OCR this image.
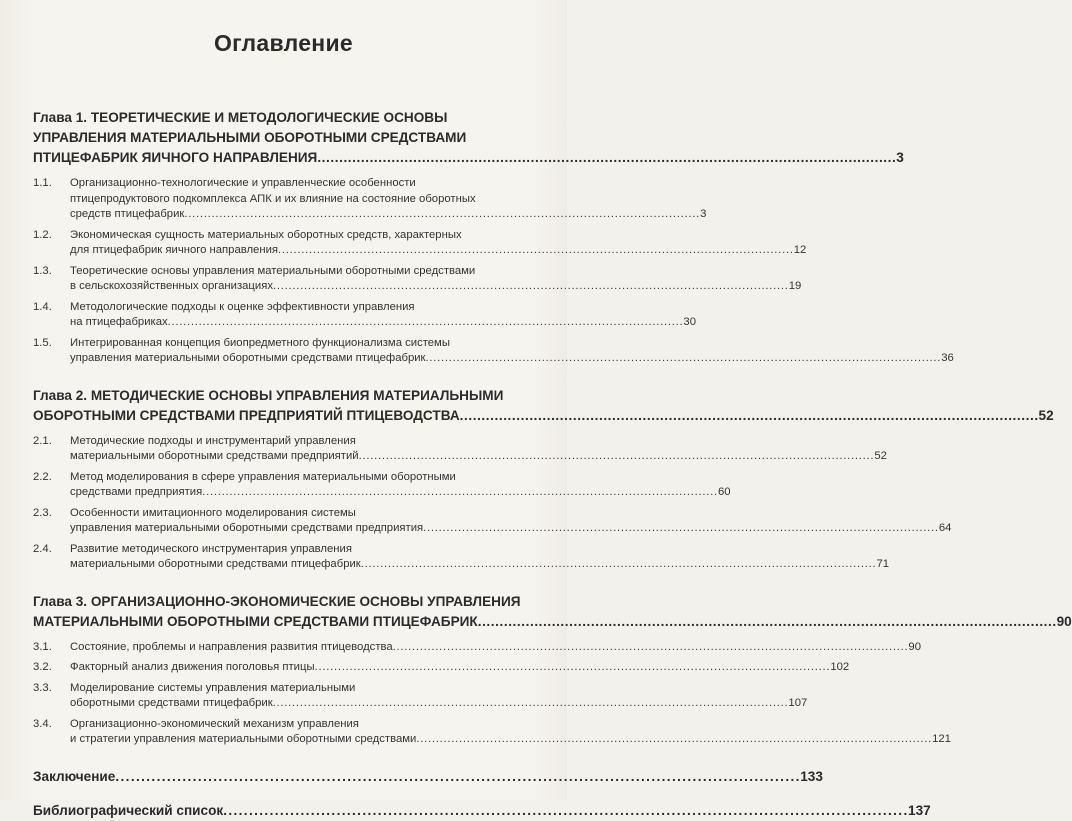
Оглавление
Глава 1. ТЕОРЕТИЧЕСКИЕ И МЕТОДОЛОГИЧЕСКИЕ ОСНОВЫ
УПРАВЛЕНИЯ МАТЕРИАЛЬНЫМИ ОБОРОТНЫМИ СРЕДСТВАМИ
ПТИЦЕФАБРИК ЯИЧНОГО НАПРАВЛЕНИЯ . . .	3
1.1.	Организационно-технологические и управленческие особенности
птицепродуктового подкомплекса АПК и их влияние на состояние оборотных
средств птицефабрик . . .	3
1.2.	Экономическая сущность материальных оборотных средств, характерных
для птицефабрик яичного направления . . .	12
1.3.	Теоретические основы управления материальными оборотными средствами
в сельскохозяйственных организациях . . .	19
1.4.	Методологические подходы к оценке эффективности управления
на птицефабриках . . .	30
1.5.	Интегрированная концепция биопредметного функционализма системы
управления материальными оборотными средствами птицефабрик . . .	36
Глава 2. МЕТОДИЧЕСКИЕ ОСНОВЫ УПРАВЛЕНИЯ МАТЕРИАЛЬНЫМИ
ОБОРОТНЫМИ СРЕДСТВАМИ ПРЕДПРИЯТИЙ ПТИЦЕВОДСТВА . . .	52
2.1.	Методические подходы и инструментарий управления
материальными оборотными средствами предприятий . . .	52
2.2.	Метод моделирования в сфере управления материальными оборотными
средствами предприятия . . .	60
2.3.	Особенности имитационного моделирования системы
управления материальными оборотными средствами предприятия . . .	64
2.4.	Развитие методического инструментария управления
материальными оборотными средствами птицефабрик . . .	71
Глава 3. ОРГАНИЗАЦИОННО-ЭКОНОМИЧЕСКИЕ ОСНОВЫ УПРАВЛЕНИЯ
МАТЕРИАЛЬНЫМИ ОБОРОТНЫМИ СРЕДСТВАМИ ПТИЦЕФАБРИК . . .	90
3.1.	Состояние, проблемы и направления развития птицеводства . . .	90
3.2.	Факторный анализ движения поголовья птицы . . .	102
3.3.	Моделирование системы управления материальными
оборотными средствами птицефабрик . . .	107
3.4.	Организационно-экономический механизм управления
и стратегии управления материальными оборотными средствами . . .	121
Заключение . . .	133
Библиографический список . . .	137
